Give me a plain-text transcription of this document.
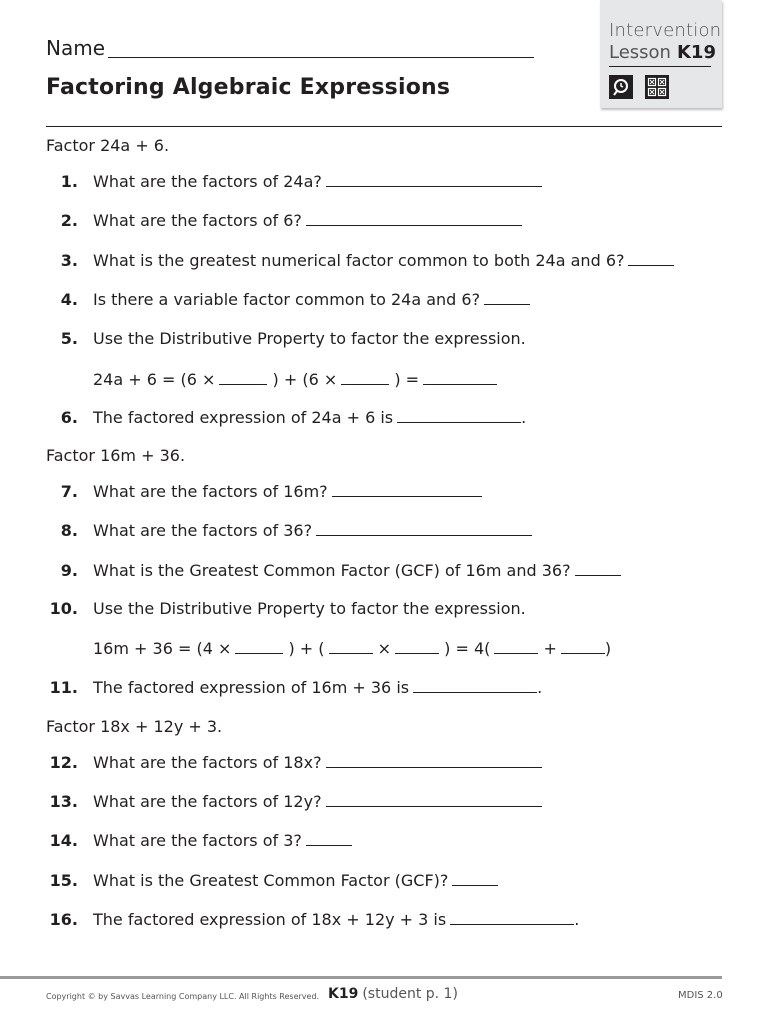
Intervention
Lesson K19
Name
Factoring Algebraic Expressions
Factor 24a + 6.
1. What are the factors of 24a?
2. What are the factors of 6?
3. What is the greatest numerical factor common to both 24a and 6?
4. Is there a variable factor common to 24a and 6?
5. Use the Distributive Property to factor the expression.
24a + 6 = (6 ×	) + (6 ×	) =
6. The factored expression of 24a + 6 is	.
Factor 16m + 36.
7. What are the factors of 16m?
8. What are the factors of 36?
9. What is the Greatest Common Factor (GCF) of 16m and 36?
10. Use the Distributive Property to factor the expression.
16m + 36 = (4 ×	) + (	×	) = 4(	+	)
11. The factored expression of 16m + 36 is	.
Factor 18x + 12y + 3.
12. What are the factors of 18x?
13. What are the factors of 12y?
14. What are the factors of 3?
15. What is the Greatest Common Factor (GCF)?
16. The factored expression of 18x + 12y + 3 is	.
Copyright © by Savvas Learning Company LLC. All Rights Reserved. K19 (student p. 1)	MDIS 2.0
